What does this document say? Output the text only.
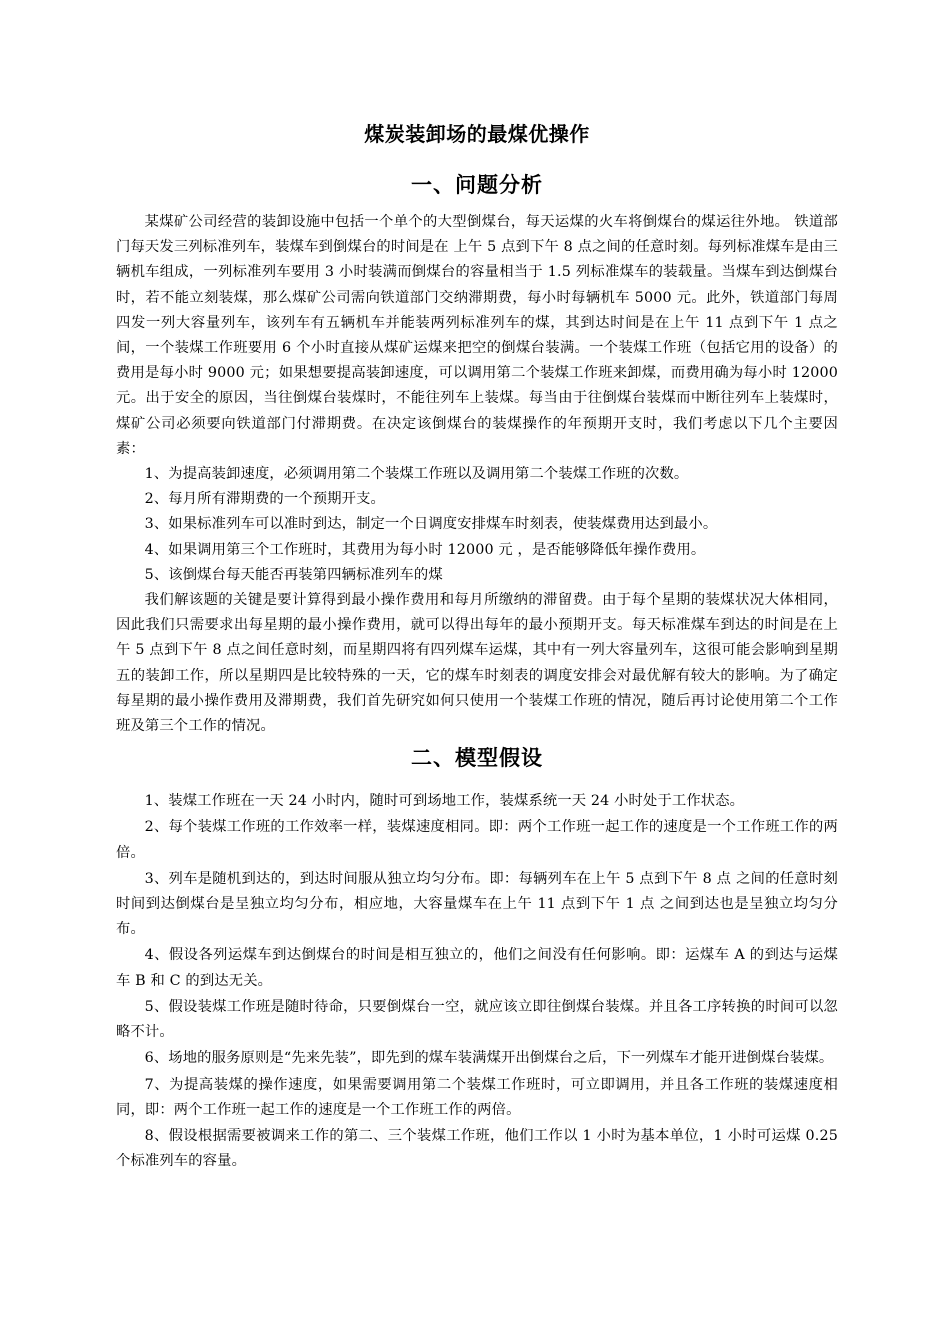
煤炭装卸场的最煤优操作
一、问题分析

某煤矿公司经营的装卸设施中包括一个单个的大型倒煤台，每天运煤的火车将倒煤台的煤运往外地。 铁道部门每天发三列标准列车，装煤车到倒煤台的时间是在 上午 5 点到下午 8 点之间的任意时刻。每列标准煤车是由三辆机车组成，一列标准列车要用 3 小时装满而倒煤台的容量相当于 1.5 列标准煤车的装载量。当煤车到达倒煤台时，若不能立刻装煤，那么煤矿公司需向铁道部门交纳滞期费，每小时每辆机车 5000 元。此外，铁道部门每周四发一列大容量列车，该列车有五辆机车并能装两列标准列车的煤，其到达时间是在上午 11 点到下午 1 点之间，一个装煤工作班要用 6 个小时直接从煤矿运煤来把空的倒煤台装满。一个装煤工作班（包括它用的设备）的费用是每小时 9000 元；如果想要提高装卸速度，可以调用第二个装煤工作班来卸煤，而费用确为每小时 12000 元。出于安全的原因，当往倒煤台装煤时，不能往列车上装煤。每当由于往倒煤台装煤而中断往列车上装煤时，煤矿公司必须要向铁道部门付滞期费。在决定该倒煤台的装煤操作的年预期开支时，我们考虑以下几个主要因素：

1、为提高装卸速度，必须调用第二个装煤工作班以及调用第二个装煤工作班的次数。

2、每月所有滞期费的一个预期开支。

3、如果标准列车可以准时到达，制定一个日调度安排煤车时刻表，使装煤费用达到最小。

4、如果调用第三个工作班时，其费用为每小时 12000 元 ，是否能够降低年操作费用。

5、该倒煤台每天能否再装第四辆标准列车的煤

我们解该题的关键是要计算得到最小操作费用和每月所缴纳的滞留费。由于每个星期的装煤状况大体相同，因此我们只需要求出每星期的最小操作费用，就可以得出每年的最小预期开支。每天标准煤车到达的时间是在上午 5 点到下午 8 点之间任意时刻，而星期四将有四列煤车运煤，其中有一列大容量列车，这很可能会影响到星期五的装卸工作，所以星期四是比较特殊的一天，它的煤车时刻表的调度安排会对最优解有较大的影响。为了确定每星期的最小操作费用及滞期费，我们首先研究如何只使用一个装煤工作班的情况，随后再讨论使用第二个工作班及第三个工作的情况。

二、模型假设

1、装煤工作班在一天 24 小时内，随时可到场地工作，装煤系统一天 24 小时处于工作状态。

2、每个装煤工作班的工作效率一样，装煤速度相同。即：两个工作班一起工作的速度是一个工作班工作的两倍。

3、列车是随机到达的，到达时间服从独立均匀分布。即：每辆列车在上午 5 点到下午 8 点 之间的任意时刻时间到达倒煤台是呈独立均匀分布，相应地，大容量煤车在上午 11 点到下午 1 点 之间到达也是呈独立均匀分布。

4、假设各列运煤车到达倒煤台的时间是相互独立的，他们之间没有任何影响。即：运煤车 A 的到达与运煤车 B 和 C 的到达无关。

5、假设装煤工作班是随时待命，只要倒煤台一空，就应该立即往倒煤台装煤。并且各工序转换的时间可以忽略不计。

6、场地的服务原则是“先来先装”，即先到的煤车装满煤开出倒煤台之后，下一列煤车才能开进倒煤台装煤。

7、为提高装煤的操作速度，如果需要调用第二个装煤工作班时，可立即调用，并且各工作班的装煤速度相同，即：两个工作班一起工作的速度是一个工作班工作的两倍。

8、假设根据需要被调来工作的第二、三个装煤工作班，他们工作以 1 小时为基本单位，1 小时可运煤 0.25 个标准列车的容量。
